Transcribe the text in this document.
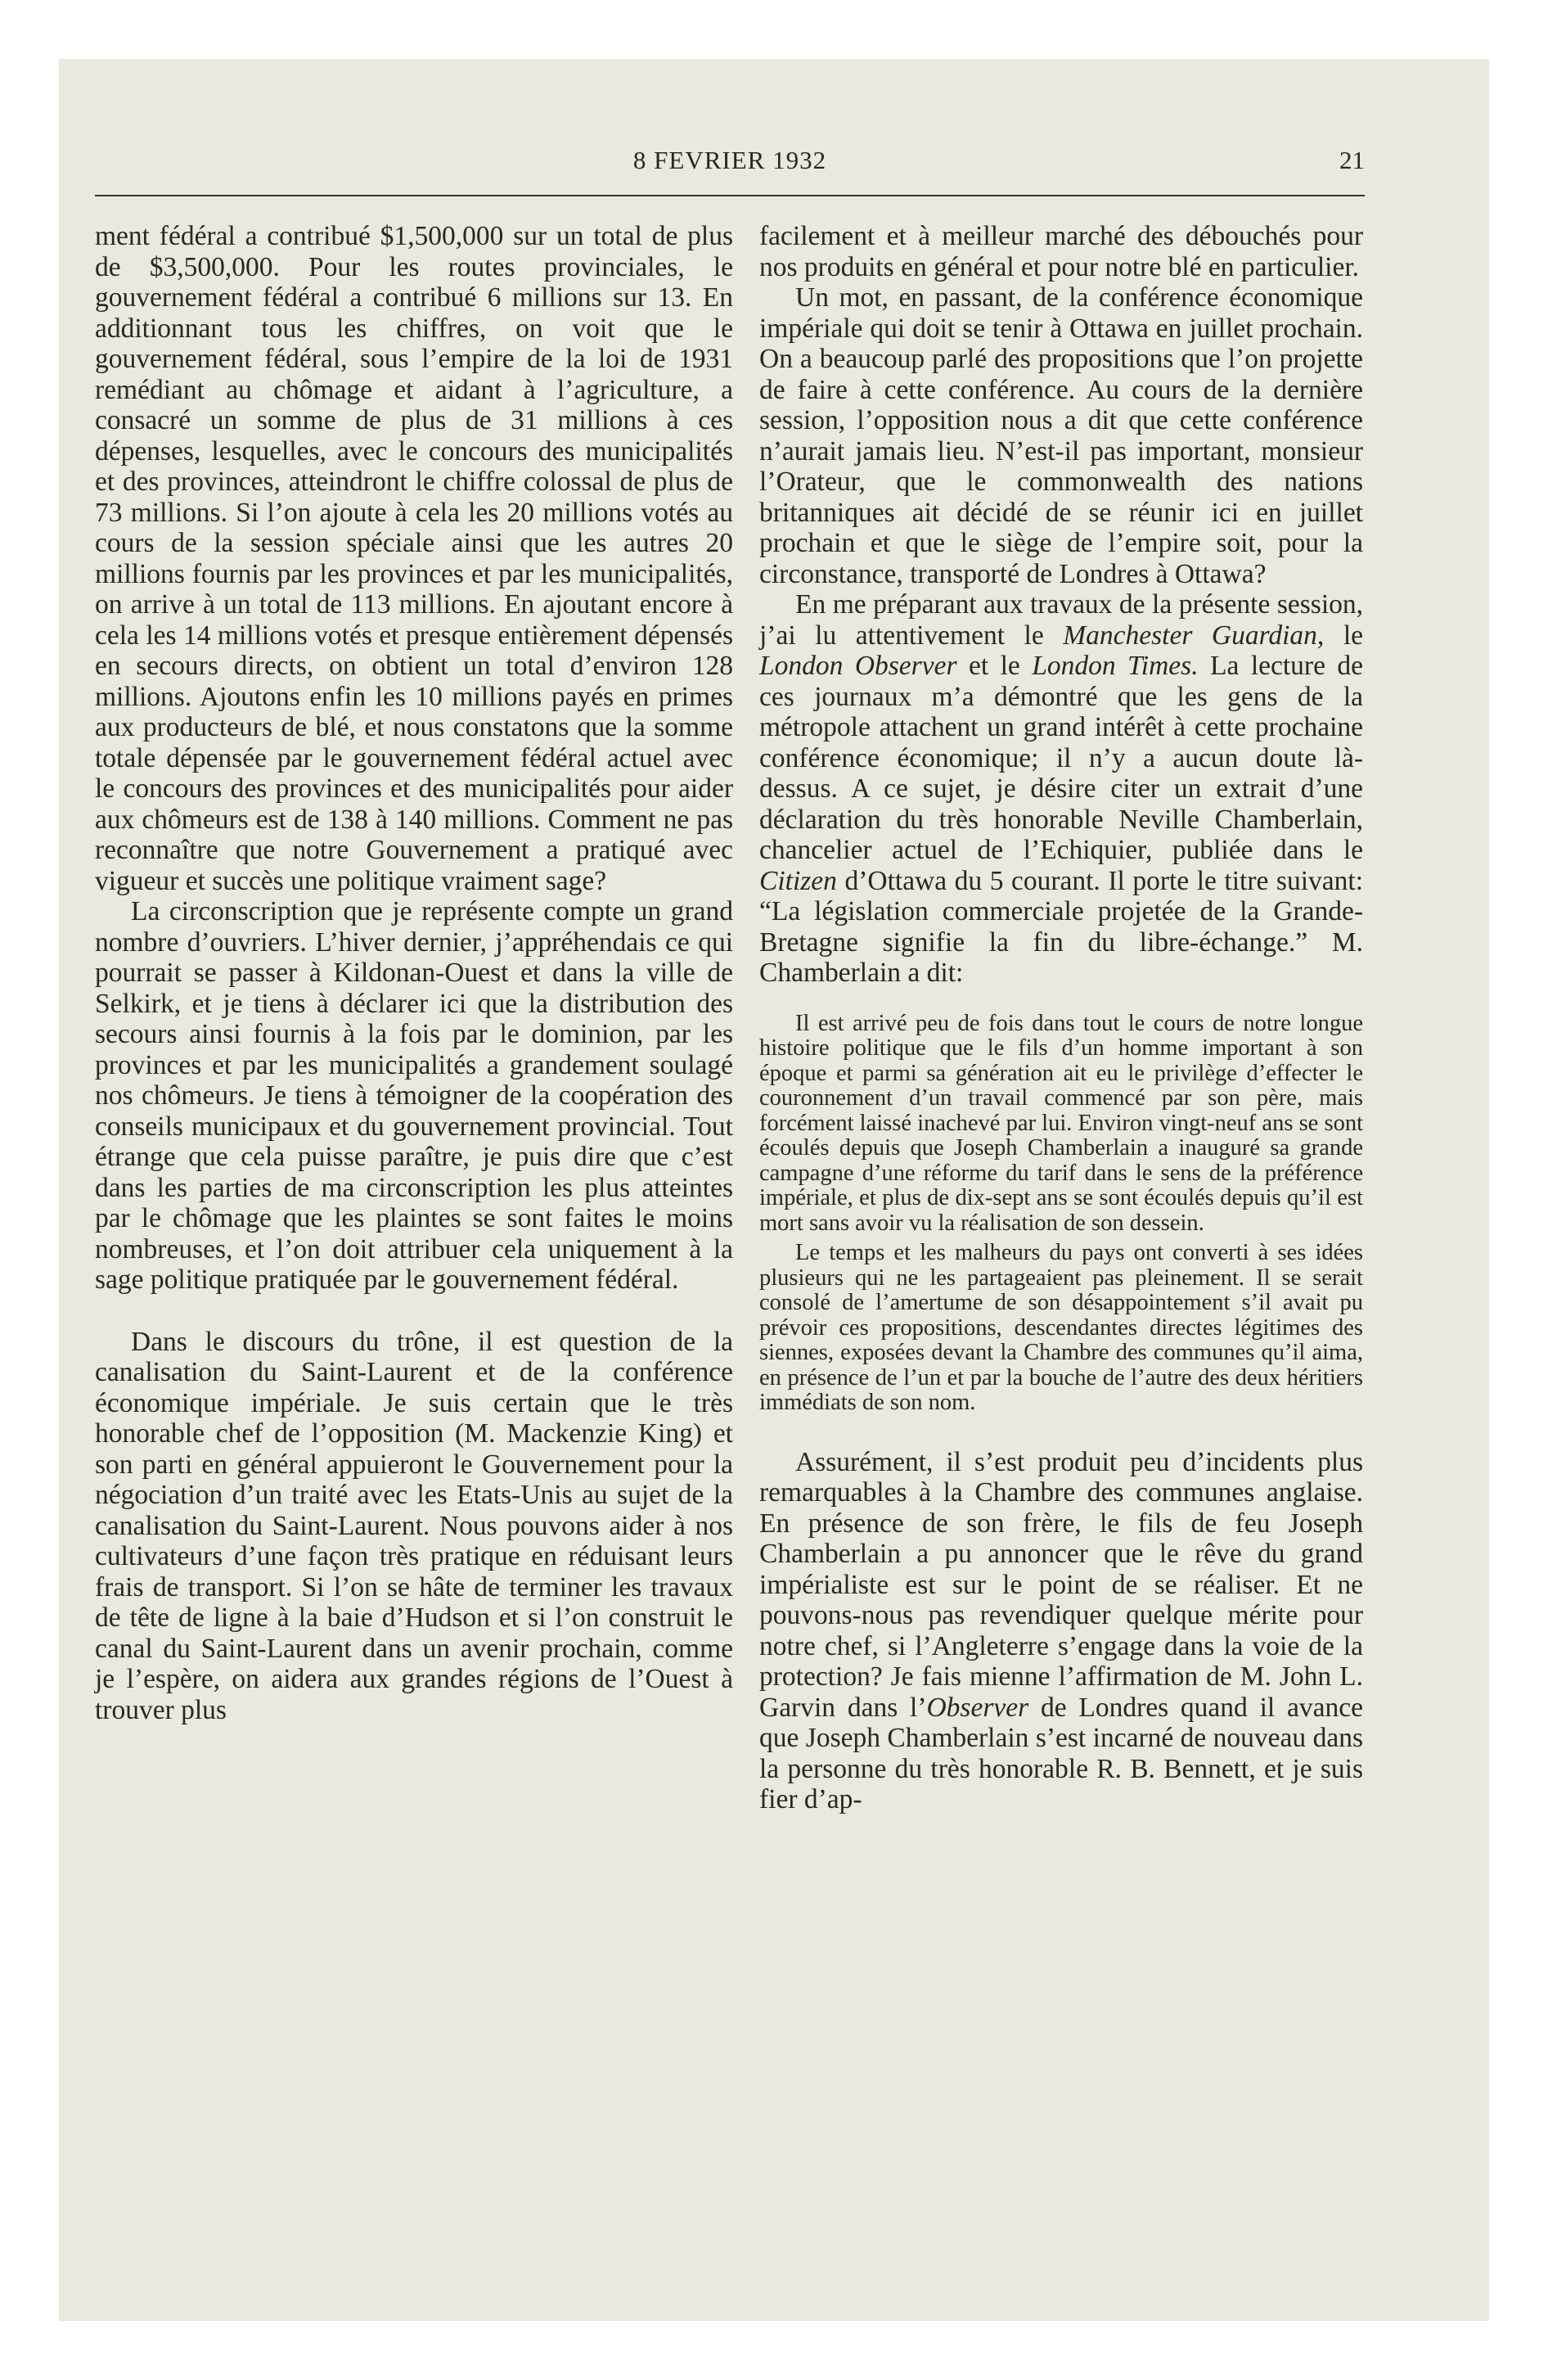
8 FEVRIER 1932	21

ment fédéral a contribué $1,500,000 sur un total de plus de $3,500,000. Pour les routes provinciales, le gouvernement fédéral a contribué 6 millions sur 13. En additionnant tous les chiffres, on voit que le gouvernement fédéral, sous l’empire de la loi de 1931 remédiant au chômage et aidant à l’agriculture, a consacré un somme de plus de 31 millions à ces dépenses, lesquelles, avec le concours des municipalités et des provinces, atteindront le chiffre colossal de plus de 73 millions. Si l’on ajoute à cela les 20 millions votés au cours de la session spéciale ainsi que les autres 20 millions fournis par les provinces et par les municipalités, on arrive à un total de 113 millions. En ajoutant encore à cela les 14 millions votés et presque entièrement dépensés en secours directs, on obtient un total d’environ 128 millions. Ajoutons enfin les 10 millions payés en primes aux producteurs de blé, et nous constatons que la somme totale dépensée par le gouvernement fédéral actuel avec le concours des provinces et des municipalités pour aider aux chômeurs est de 138 à 140 millions. Comment ne pas reconnaître que notre Gouvernement a pratiqué avec vigueur et succès une politique vraiment sage?

La circonscription que je représente compte un grand nombre d’ouvriers. L’hiver dernier, j’appréhendais ce qui pourrait se passer à Kildonan-Ouest et dans la ville de Selkirk, et je tiens à déclarer ici que la distribution des secours ainsi fournis à la fois par le dominion, par les provinces et par les municipalités a grandement soulagé nos chômeurs. Je tiens à témoigner de la coopération des conseils municipaux et du gouvernement provincial. Tout étrange que cela puisse paraître, je puis dire que c’est dans les parties de ma circonscription les plus atteintes par le chômage que les plaintes se sont faites le moins nombreuses, et l’on doit attribuer cela uniquement à la sage politique pratiquée par le gouvernement fédéral.

Dans le discours du trône, il est question de la canalisation du Saint-Laurent et de la conférence économique impériale. Je suis certain que le très honorable chef de l’opposition (M. Mackenzie King) et son parti en général appuieront le Gouvernement pour la négociation d’un traité avec les Etats-Unis au sujet de la canalisation du Saint-Laurent. Nous pouvons aider à nos cultivateurs d’une façon très pratique en réduisant leurs frais de transport. Si l’on se hâte de terminer les travaux de tête de ligne à la baie d’Hudson et si l’on construit le canal du Saint-Laurent dans un avenir prochain, comme je l’espère, on aidera aux grandes régions de l’Ouest à trouver plus

facilement et à meilleur marché des débouchés pour nos produits en général et pour notre blé en particulier.

Un mot, en passant, de la conférence économique impériale qui doit se tenir à Ottawa en juillet prochain. On a beaucoup parlé des propositions que l’on projette de faire à cette conférence. Au cours de la dernière session, l’opposition nous a dit que cette conférence n’aurait jamais lieu. N’est-il pas important, monsieur l’Orateur, que le commonwealth des nations britanniques ait décidé de se réunir ici en juillet prochain et que le siège de l’empire soit, pour la circonstance, transporté de Londres à Ottawa?

En me préparant aux travaux de la présente session, j’ai lu attentivement le Manchester Guardian, le London Observer et le London Times. La lecture de ces journaux m’a démontré que les gens de la métropole attachent un grand intérêt à cette prochaine conférence économique; il n’y a aucun doute là-dessus. A ce sujet, je désire citer un extrait d’une déclaration du très honorable Neville Chamberlain, chancelier actuel de l’Echiquier, publiée dans le Citizen d’Ottawa du 5 courant. Il porte le titre suivant: “La législation commerciale projetée de la Grande-Bretagne signifie la fin du libre-échange.” M. Chamberlain a dit:

Il est arrivé peu de fois dans tout le cours de notre longue histoire politique que le fils d’un homme important à son époque et parmi sa génération ait eu le privilège d’effecter le couronnement d’un travail commencé par son père, mais forcément laissé inachevé par lui. Environ vingt-neuf ans se sont écoulés depuis que Joseph Chamberlain a inauguré sa grande campagne d’une réforme du tarif dans le sens de la préférence impériale, et plus de dix-sept ans se sont écoulés depuis qu’il est mort sans avoir vu la réalisation de son dessein.

Le temps et les malheurs du pays ont converti à ses idées plusieurs qui ne les partageaient pas pleinement. Il se serait consolé de l’amertume de son désappointement s’il avait pu prévoir ces propositions, descendantes directes légitimes des siennes, exposées devant la Chambre des communes qu’il aima, en présence de l’un et par la bouche de l’autre des deux héritiers immédiats de son nom.

Assurément, il s’est produit peu d’incidents plus remarquables à la Chambre des communes anglaise. En présence de son frère, le fils de feu Joseph Chamberlain a pu annoncer que le rêve du grand impérialiste est sur le point de se réaliser. Et ne pouvons-nous pas revendiquer quelque mérite pour notre chef, si l’Angleterre s’engage dans la voie de la protection? Je fais mienne l’affirmation de M. John L. Garvin dans l’Observer de Londres quand il avance que Joseph Chamberlain s’est incarné de nouveau dans la personne du très honorable R. B. Bennett, et je suis fier d’ap-
